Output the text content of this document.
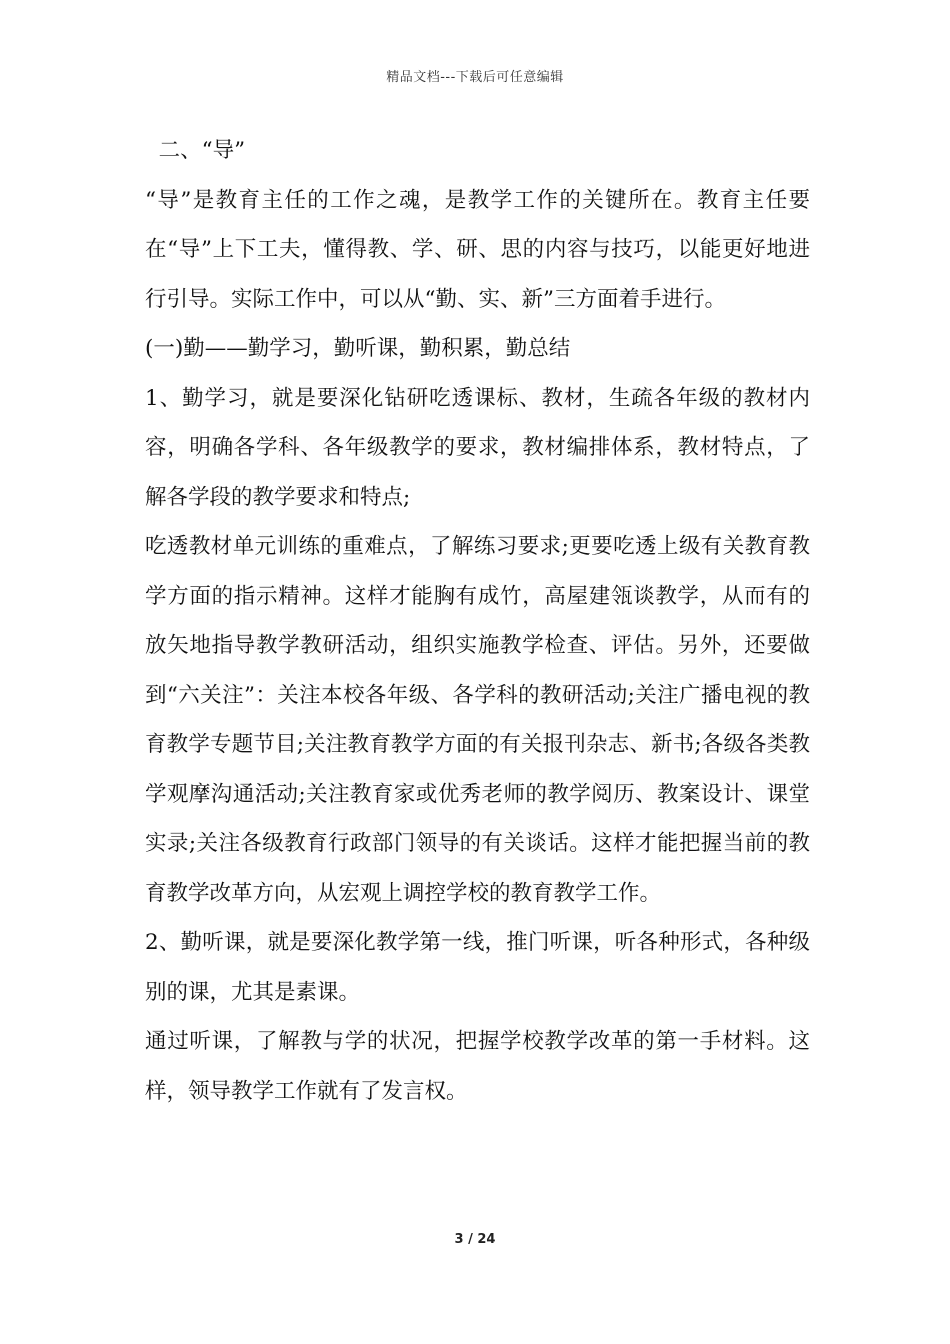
精品文档---下载后可任意编辑

二、“导”

“导”是教育主任的工作之魂，是教学工作的关键所在。教育主任要在“导”上下工夫，懂得教、学、研、思的内容与技巧，以能更好地进行引导。实际工作中，可以从“勤、实、新”三方面着手进行。

(一)勤——勤学习，勤听课，勤积累，勤总结

1、勤学习，就是要深化钻研吃透课标、教材，生疏各年级的教材内容，明确各学科、各年级教学的要求，教材编排体系，教材特点，了解各学段的教学要求和特点;

吃透教材单元训练的重难点，了解练习要求;更要吃透上级有关教育教学方面的指示精神。这样才能胸有成竹，高屋建瓴谈教学，从而有的放矢地指导教学教研活动，组织实施教学检查、评估。另外，还要做到“六关注”：关注本校各年级、各学科的教研活动;关注广播电视的教育教学专题节目;关注教育教学方面的有关报刊杂志、新书;各级各类教学观摩沟通活动;关注教育家或优秀老师的教学阅历、教案设计、课堂实录;关注各级教育行政部门领导的有关谈话。这样才能把握当前的教育教学改革方向，从宏观上调控学校的教育教学工作。

2、勤听课，就是要深化教学第一线，推门听课，听各种形式，各种级别的课，尤其是素课。

通过听课，了解教与学的状况，把握学校教学改革的第一手材料。这样，领导教学工作就有了发言权。

3 / 24
